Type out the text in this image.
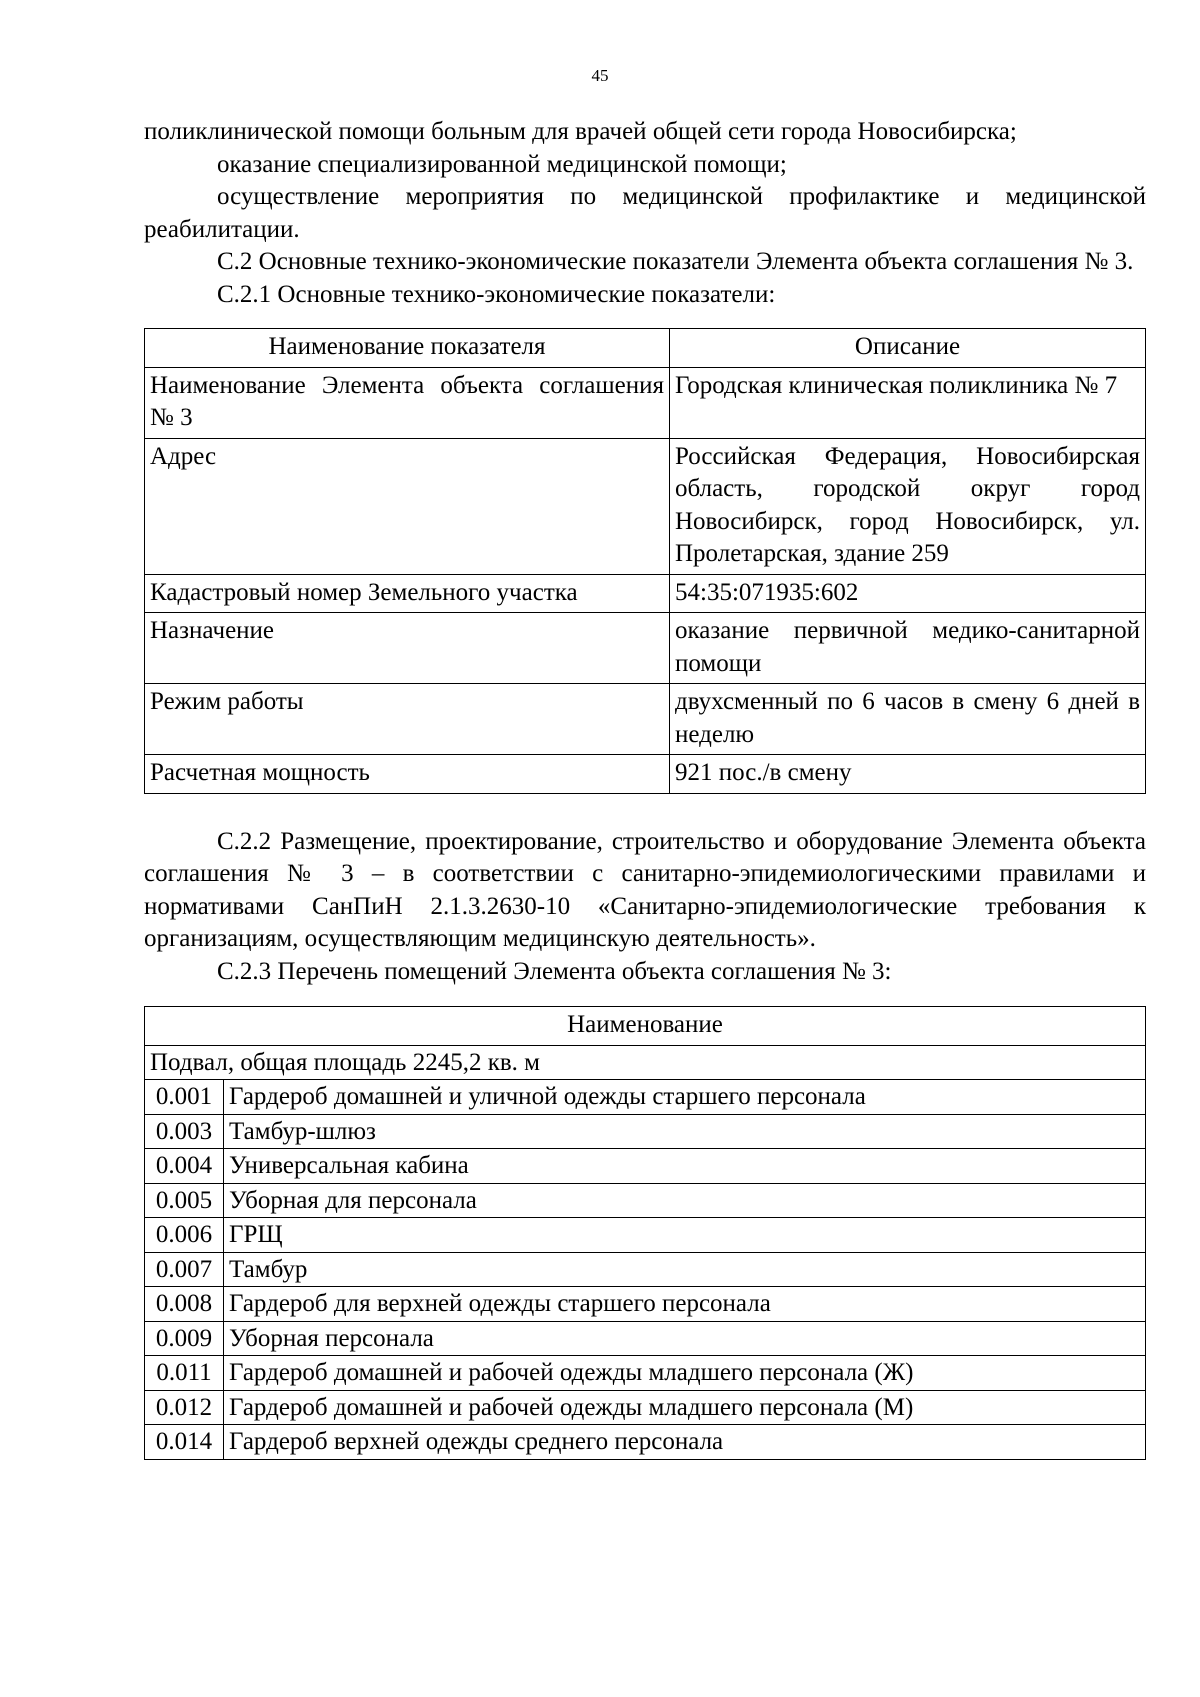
45

поликлинической помощи больным для врачей общей сети города Новосибирска;

оказание специализированной медицинской помощи;

осуществление мероприятия по медицинской профилактике и медицинской реабилитации.

С.2 Основные технико-экономические показатели Элемента объекта соглашения № 3.

С.2.1 Основные технико-экономические показатели:

Наименование показателя	Описание
Наименование Элемента объекта соглашения № 3	Городская клиническая поликлиника № 7
Адрес	Российская Федерация, Новосибирская область, городской округ город Новосибирск, город Новосибирск, ул. Пролетарская, здание 259
Кадастровый номер Земельного участка	54:35:071935:602
Назначение	оказание первичной медико-санитарной помощи
Режим работы	двухсменный по 6 часов в смену 6 дней в неделю
Расчетная мощность	921 пос./в смену

С.2.2 Размещение, проектирование, строительство и оборудование Элемента объекта соглашения № 3 – в соответствии с санитарно-эпидемиологическими правилами и нормативами СанПиН 2.1.3.2630-10 «Санитарно-эпидемиологические требования к организациям, осуществляющим медицинскую деятельность».

С.2.3 Перечень помещений Элемента объекта соглашения № 3:

Наименование	
Подвал, общая площадь 2245,2 кв. м	
0.001	Гардероб домашней и уличной одежды старшего персонала
0.003	Тамбур-шлюз
0.004	Универсальная кабина
0.005	Уборная для персонала
0.006	ГРЩ
0.007	Тамбур
0.008	Гардероб для верхней одежды старшего персонала
0.009	Уборная персонала
0.011	Гардероб домашней и рабочей одежды младшего персонала (Ж)
0.012	Гардероб домашней и рабочей одежды младшего персонала (М)
0.014	Гардероб верхней одежды среднего персонала
